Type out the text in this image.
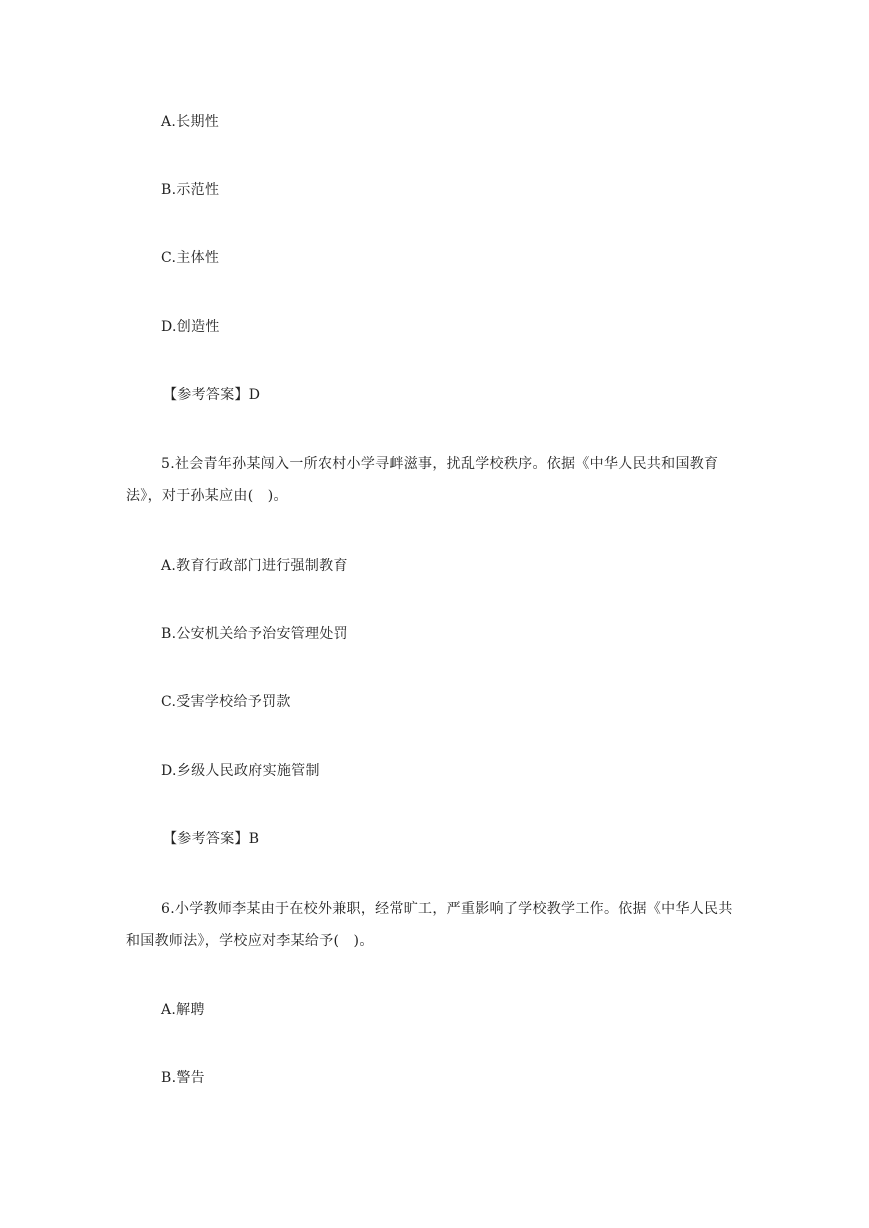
A.长期性
B.示范性
C.主体性
D.创造性
【参考答案】D
5.社会青年孙某闯入一所农村小学寻衅滋事，扰乱学校秩序。依据《中华人民共和国教育法》，对于孙某应由(　)。
A.教育行政部门进行强制教育
B.公安机关给予治安管理处罚
C.受害学校给予罚款
D.乡级人民政府实施管制
【参考答案】B
6.小学教师李某由于在校外兼职，经常旷工，严重影响了学校教学工作。依据《中华人民共和国教师法》，学校应对李某给予(　)。
A.解聘
B.警告
